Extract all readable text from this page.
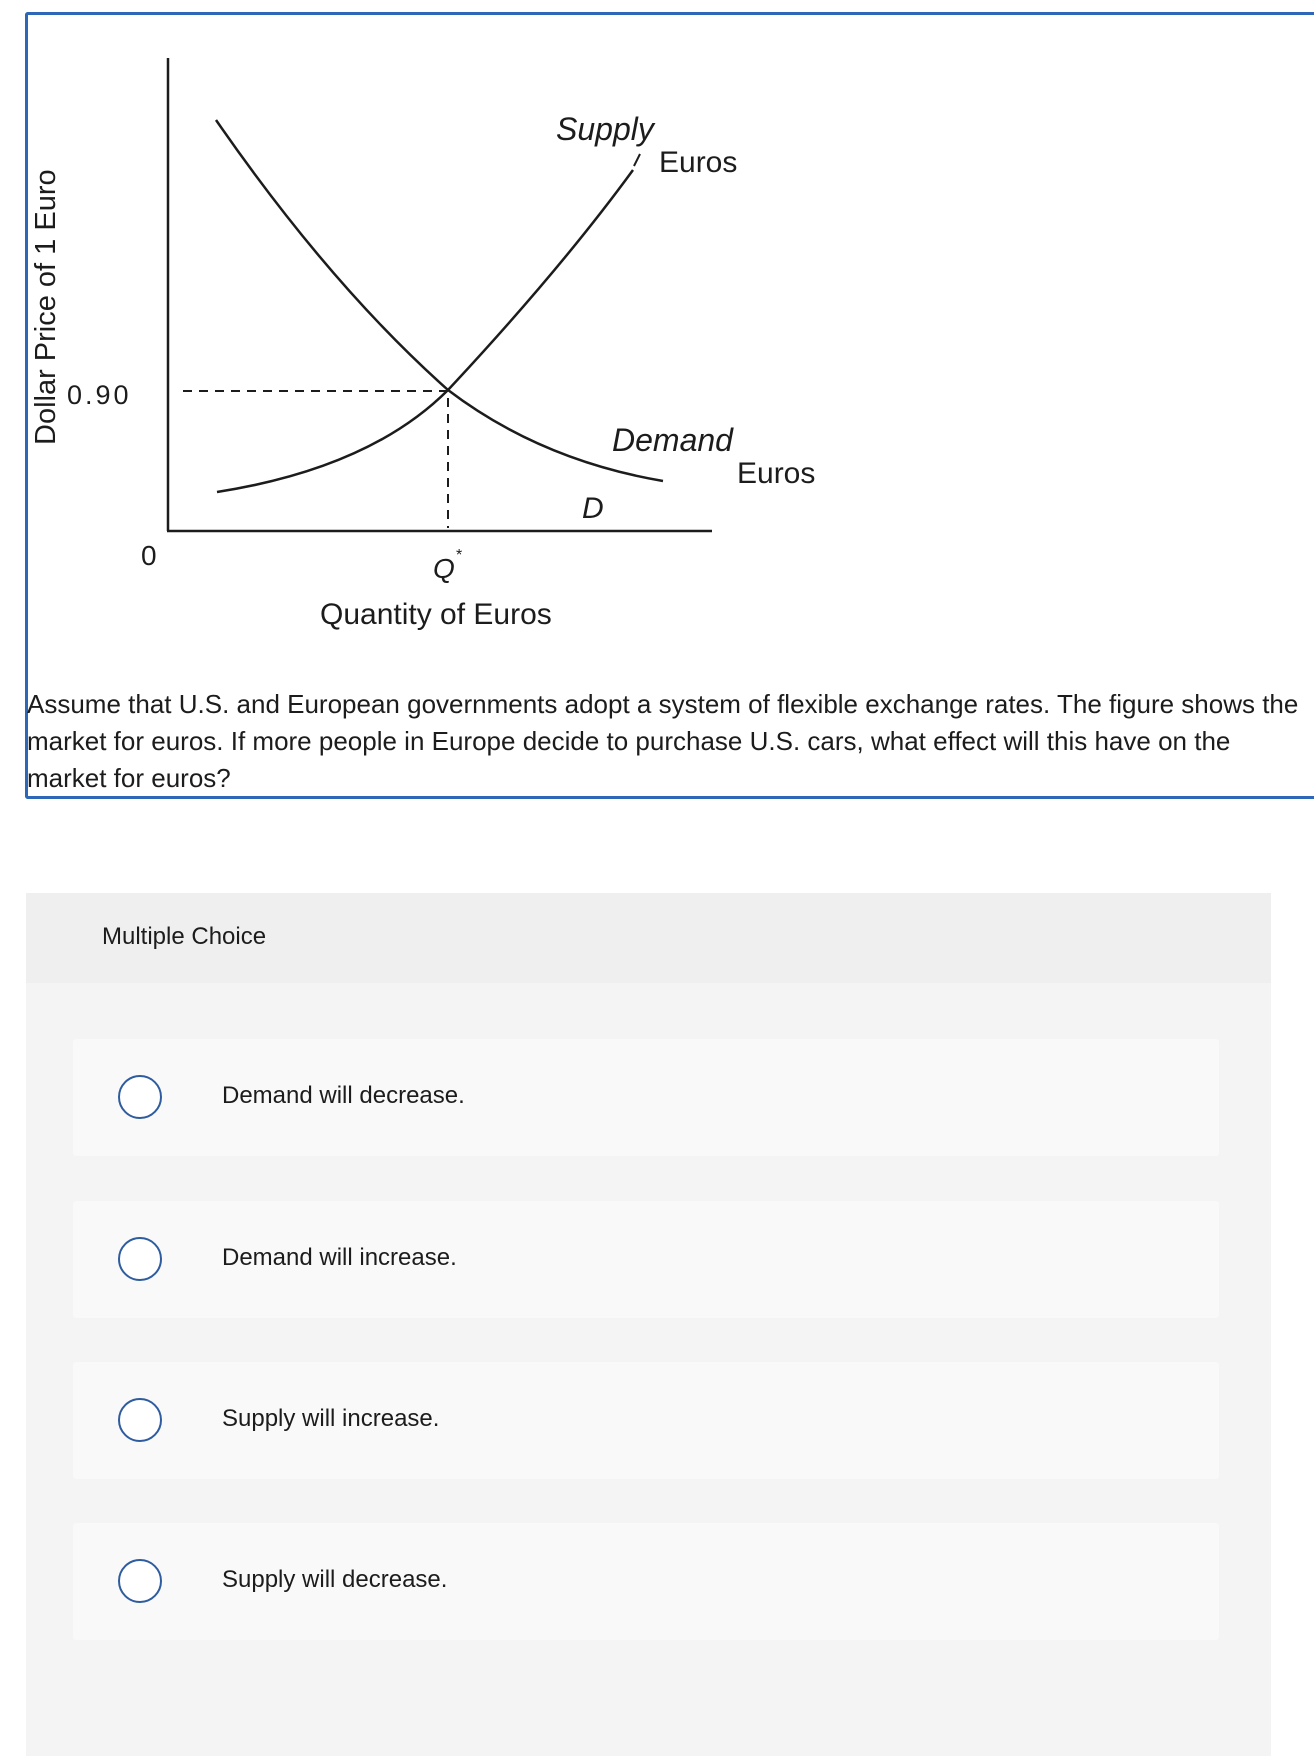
Dollar Price of 1 Euro 0.90
0	Q *
Quantity of Euros
Supply
Euros
Demand
Euros
D

Assume that U.S. and European governments adopt a system of flexible exchange rates. The figure shows the market for euros. If more people in Europe decide to purchase U.S. cars, what effect will this have on the market for euros?

Multiple Choice
Demand will decrease.
Demand will increase.
Supply will increase.
Supply will decrease.
